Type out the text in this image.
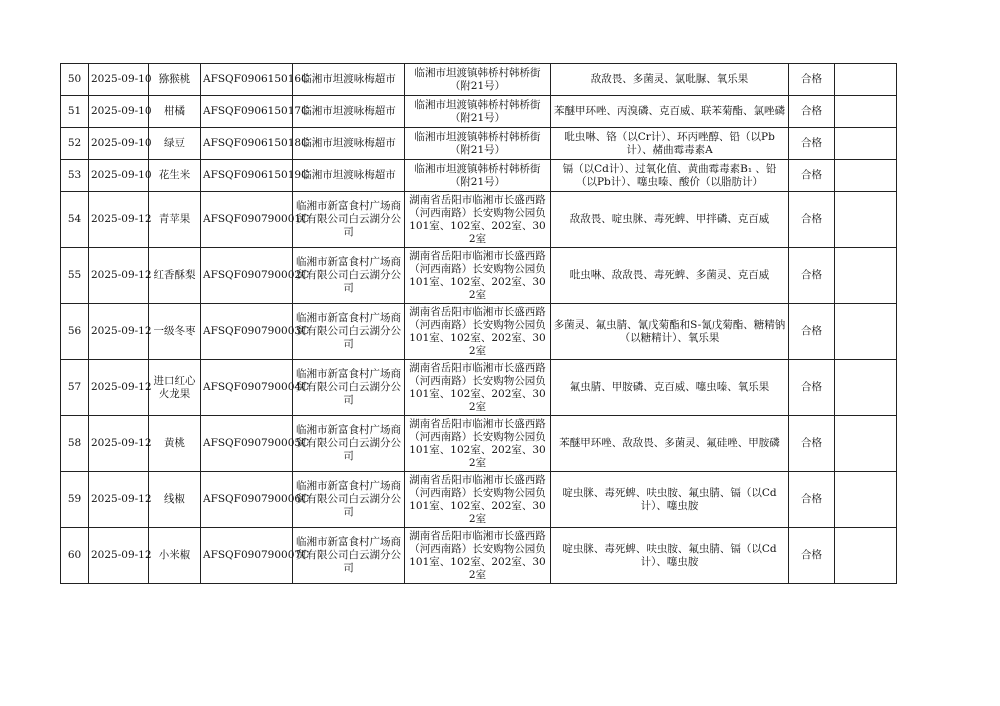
50	2025-09-10	猕猴桃	AFSQF090615016C	临湘市坦渡咏梅超市	临湘市坦渡镇韩桥村韩桥街（附21号）	敌敌畏、多菌灵、氯吡脲、氧乐果	合格	
51	2025-09-10	柑橘	AFSQF090615017C	临湘市坦渡咏梅超市	临湘市坦渡镇韩桥村韩桥街（附21号）	苯醚甲环唑、丙溴磷、克百威、联苯菊酯、氯唑磷	合格	
52	2025-09-10	绿豆	AFSQF090615018C	临湘市坦渡咏梅超市	临湘市坦渡镇韩桥村韩桥街（附21号）	吡虫啉、铬（以Cr计）、环丙唑醇、铅（以Pb计）、赭曲霉毒素A	合格	
53	2025-09-10	花生米	AFSQF090615019C	临湘市坦渡咏梅超市	临湘市坦渡镇韩桥村韩桥街（附21号）	镉（以Cd计）、过氧化值、黄曲霉毒素B₁ 、铅（以Pb计）、噻虫嗪、酸价（以脂肪计）	合格	
54	2025-09-12	青苹果	AFSQF090790001C	临湘市新富食村广场商贸有限公司白云湖分公司	湖南省岳阳市临湘市长盛西路（河西南路）长安购物公园负101室、102室、202室、302室	敌敌畏、啶虫脒、毒死蜱、甲拌磷、克百威	合格	
55	2025-09-12	红香酥梨	AFSQF090790002C	临湘市新富食村广场商贸有限公司白云湖分公司	湖南省岳阳市临湘市长盛西路（河西南路）长安购物公园负101室、102室、202室、302室	吡虫啉、敌敌畏、毒死蜱、多菌灵、克百威	合格	
56	2025-09-12	一级冬枣	AFSQF090790003C	临湘市新富食村广场商贸有限公司白云湖分公司	湖南省岳阳市临湘市长盛西路（河西南路）长安购物公园负101室、102室、202室、302室	多菌灵、氟虫腈、氰戊菊酯和S-氰戊菊酯、糖精钠（以糖精计）、氧乐果	合格	
57	2025-09-12	进口红心火龙果	AFSQF090790004C	临湘市新富食村广场商贸有限公司白云湖分公司	湖南省岳阳市临湘市长盛西路（河西南路）长安购物公园负101室、102室、202室、302室	氟虫腈、甲胺磷、克百威、噻虫嗪、氧乐果	合格	
58	2025-09-12	黄桃	AFSQF090790005C	临湘市新富食村广场商贸有限公司白云湖分公司	湖南省岳阳市临湘市长盛西路（河西南路）长安购物公园负101室、102室、202室、302室	苯醚甲环唑、敌敌畏、多菌灵、氟硅唑、甲胺磷	合格	
59	2025-09-12	线椒	AFSQF090790006C	临湘市新富食村广场商贸有限公司白云湖分公司	湖南省岳阳市临湘市长盛西路（河西南路）长安购物公园负101室、102室、202室、302室	啶虫脒、毒死蜱、呋虫胺、氟虫腈、镉（以Cd计）、噻虫胺	合格	
60	2025-09-12	小米椒	AFSQF090790007C	临湘市新富食村广场商贸有限公司白云湖分公司	湖南省岳阳市临湘市长盛西路（河西南路）长安购物公园负101室、102室、202室、302室	啶虫脒、毒死蜱、呋虫胺、氟虫腈、镉（以Cd计）、噻虫胺	合格	
